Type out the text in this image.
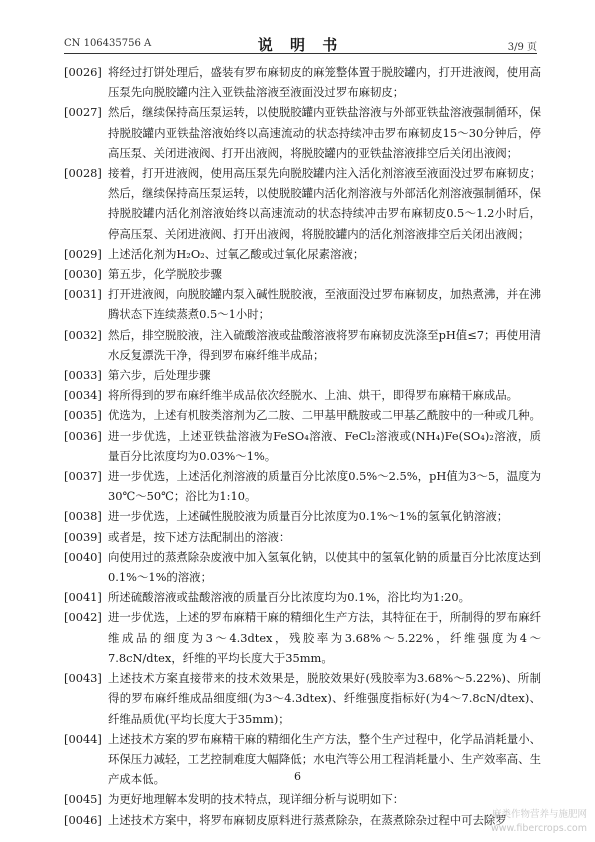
CN 106435756 A	说 明 书	3/9 页
[0026] 将经过打饼处理后，盛装有罗布麻韧皮的麻笼整体置于脱胶罐内，打开进液阀，使用高压泵先向脱胶罐内注入亚铁盐溶液至液面没过罗布麻韧皮；
[0027] 然后，继续保持高压泵运转，以使脱胶罐内亚铁盐溶液与外部亚铁盐溶液强制循环，保持脱胶罐内亚铁盐溶液始终以高速流动的状态持续冲击罗布麻韧皮15～30分钟后，停高压泵、关闭进液阀、打开出液阀，将脱胶罐内的亚铁盐溶液排空后关闭出液阀；
[0028] 接着，打开进液阀，使用高压泵先向脱胶罐内注入活化剂溶液至液面没过罗布麻韧皮；然后，继续保持高压泵运转，以使脱胶罐内活化剂溶液与外部活化剂溶液强制循环，保持脱胶罐内活化剂溶液始终以高速流动的状态持续冲击罗布麻韧皮0.5～1.2小时后，停高压泵、关闭进液阀、打开出液阀，将脱胶罐内的活化剂溶液排空后关闭出液阀；
[0029] 上述活化剂为H₂O₂、过氧乙酸或过氧化尿素溶液；
[0030] 第五步，化学脱胶步骤
[0031] 打开进液阀，向脱胶罐内泵入碱性脱胶液，至液面没过罗布麻韧皮，加热煮沸，并在沸腾状态下连续蒸煮0.5～1小时；
[0032] 然后，排空脱胶液，注入硫酸溶液或盐酸溶液将罗布麻韧皮洗涤至pH值≤7；再使用清水反复漂洗干净，得到罗布麻纤维半成品；
[0033] 第六步，后处理步骤
[0034] 将所得到的罗布麻纤维半成品依次经脱水、上油、烘干，即得罗布麻精干麻成品。
[0035] 优选为，上述有机胺类溶剂为乙二胺、二甲基甲酰胺或二甲基乙酰胺中的一种或几种。
[0036] 进一步优选，上述亚铁盐溶液为FeSO₄溶液、FeCl₂溶液或(NH₄)Fe(SO₄)₂溶液，质量百分比浓度均为0.03%～1%。
[0037] 进一步优选，上述活化剂溶液的质量百分比浓度0.5%～2.5%，pH值为3～5，温度为30℃～50℃；浴比为1:10。
[0038] 进一步优选，上述碱性脱胶液为质量百分比浓度为0.1%～1%的氢氧化钠溶液；
[0039] 或者是，按下述方法配制出的溶液：
[0040] 向使用过的蒸煮除杂废液中加入氢氧化钠，以使其中的氢氧化钠的质量百分比浓度达到0.1%～1%的溶液；
[0041] 所述硫酸溶液或盐酸溶液的质量百分比浓度均为0.1%，浴比均为1:20。
[0042] 进一步优选，上述的罗布麻精干麻的精细化生产方法，其特征在于，所制得的罗布麻纤维成品的细度为3～4.3dtex，残胶率为3.68%～5.22%，纤维强度为4～7.8cN/dtex，纤维的平均长度大于35mm。
[0043] 上述技术方案直接带来的技术效果是，脱胶效果好(残胶率为3.68%～5.22%)、所制得的罗布麻纤维成品细度细(为3～4.3dtex)、纤维强度指标好(为4～7.8cN/dtex)、纤维品质优(平均长度大于35mm)；
[0044] 上述技术方案的罗布麻精干麻的精细化生产方法，整个生产过程中，化学品消耗量小、环保压力减轻，工艺控制难度大幅降低；水电汽等公用工程消耗量小、生产效率高、生产成本低。
[0045] 为更好地理解本发明的技术特点，现详细分析与说明如下：
[0046] 上述技术方案中，将罗布麻韧皮原料进行蒸煮除杂，在蒸煮除杂过程中可去除罗
6
麻类作物营养与施肥网
www.fibercrops.com
